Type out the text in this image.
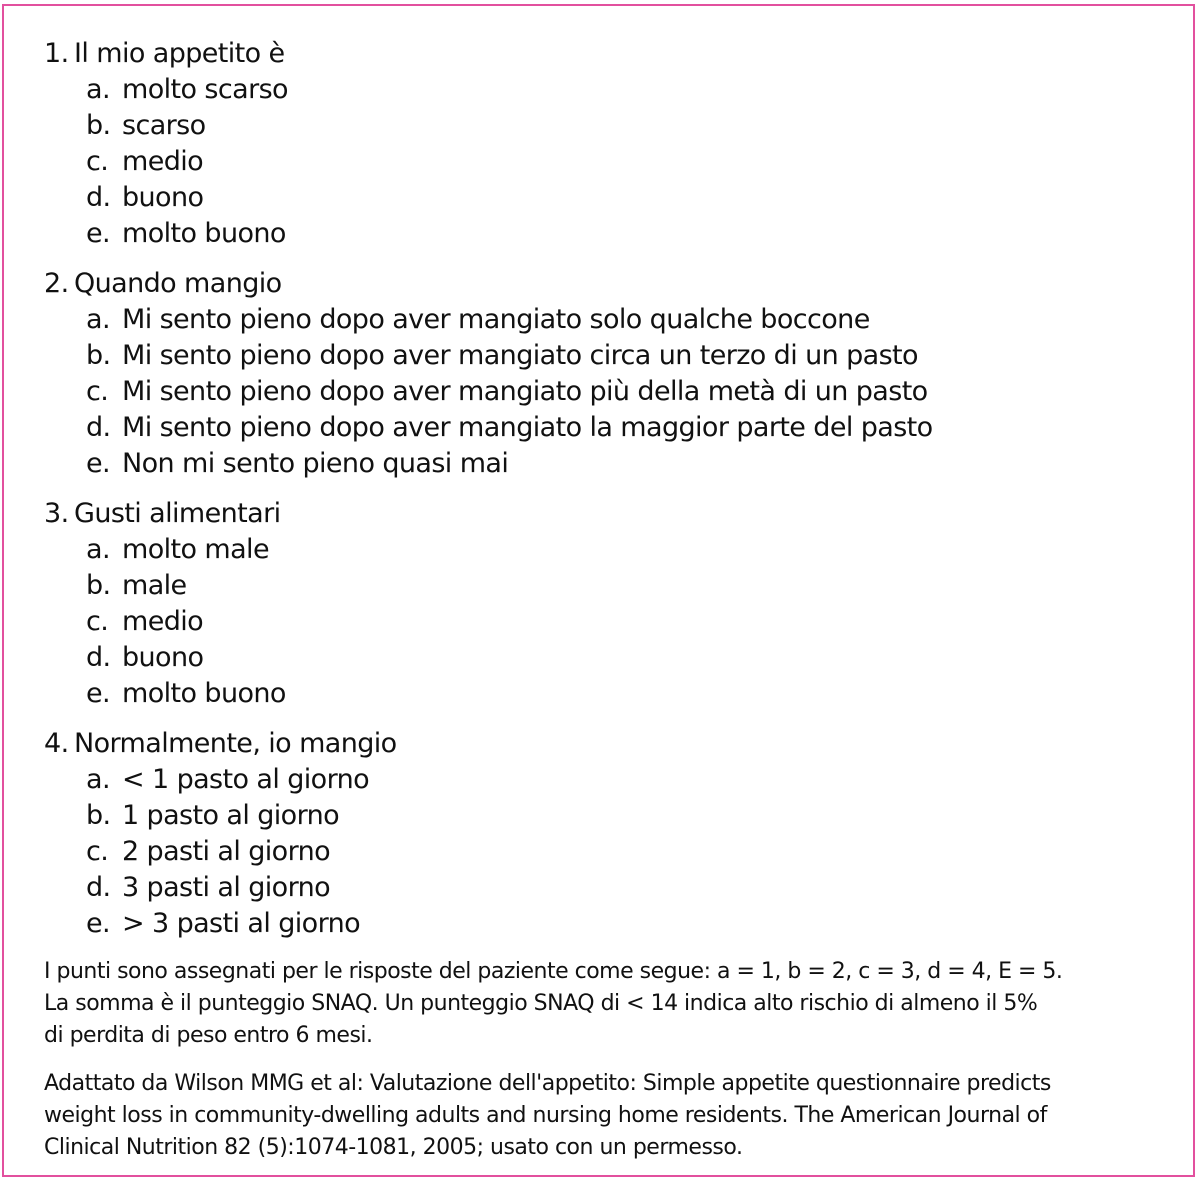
1. Il mio appetito è
a. molto scarso
b. scarso
c. medio
d. buono
e. molto buono
2. Quando mangio
a. Mi sento pieno dopo aver mangiato solo qualche boccone
b. Mi sento pieno dopo aver mangiato circa un terzo di un pasto
c. Mi sento pieno dopo aver mangiato più della metà di un pasto
d. Mi sento pieno dopo aver mangiato la maggior parte del pasto
e. Non mi sento pieno quasi mai
3. Gusti alimentari
a. molto male
b. male
c. medio
d. buono
e. molto buono
4. Normalmente, io mangio
a. < 1 pasto al giorno
b. 1 pasto al giorno
c. 2 pasti al giorno
d. 3 pasti al giorno
e. > 3 pasti al giorno

I punti sono assegnati per le risposte del paziente come segue: a = 1, b = 2, c = 3, d = 4, E = 5.

La somma è il punteggio SNAQ. Un punteggio SNAQ di < 14 indica alto rischio di almeno il 5%

di perdita di peso entro 6 mesi.

Adattato da Wilson MMG et al: Valutazione dell'appetito: Simple appetite questionnaire predicts

weight loss in community-dwelling adults and nursing home residents. The American Journal of

Clinical Nutrition 82 (5):1074-1081, 2005; usato con un permesso.
